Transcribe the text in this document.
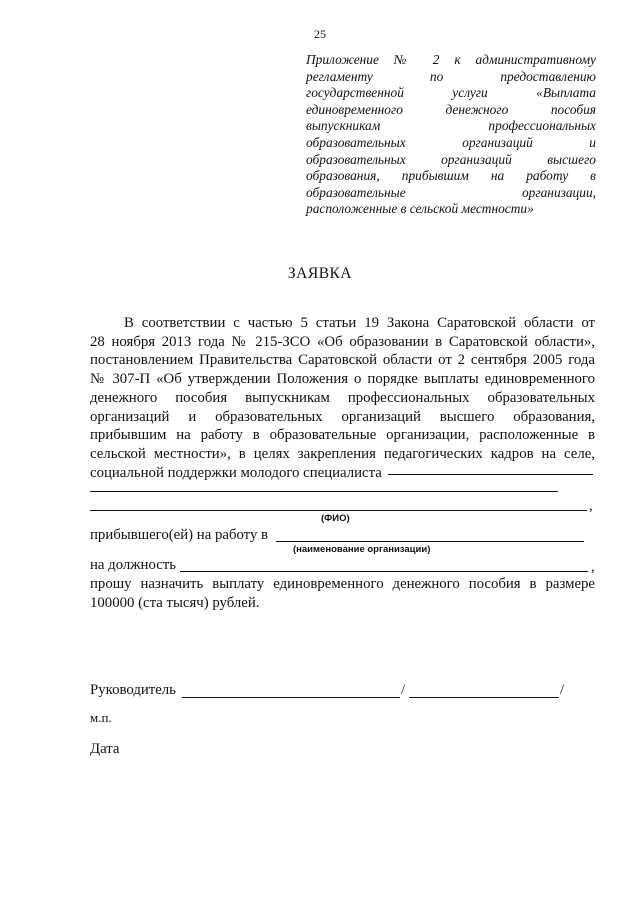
25
Приложение № 2 к административному
регламенту по предоставлению
государственной услуги «Выплата
единовременного денежного пособия
выпускникам профессиональных
образовательных организаций и
образовательных организаций высшего
образования, прибывшим на работу в
образовательные организации,
расположенные в сельской местности»
ЗАЯВКА
В соответствии с частью 5 статьи 19 Закона Саратовской области от
28 ноября 2013 года № 215-ЗСО «Об образовании в Саратовской области»,
постановлением Правительства Саратовской области от 2 сентября 2005 года
№ 307-П «Об утверждении Положения о порядке выплаты единовременного
денежного пособия выпускникам профессиональных образовательных
организаций и образовательных организаций высшего образования,
прибывшим на работу в образовательные организации, расположенные в
сельской местности», в целях закрепления педагогических кадров на селе,
социальной поддержки молодого специалиста
,
(ФИО)
прибывшего(ей) на работу в
(наименование организации)
на должность	,
прошу назначить выплату единовременного денежного пособия в размере
100000 (ста тысяч) рублей.
Руководитель	/	/
м.п.
Дата
